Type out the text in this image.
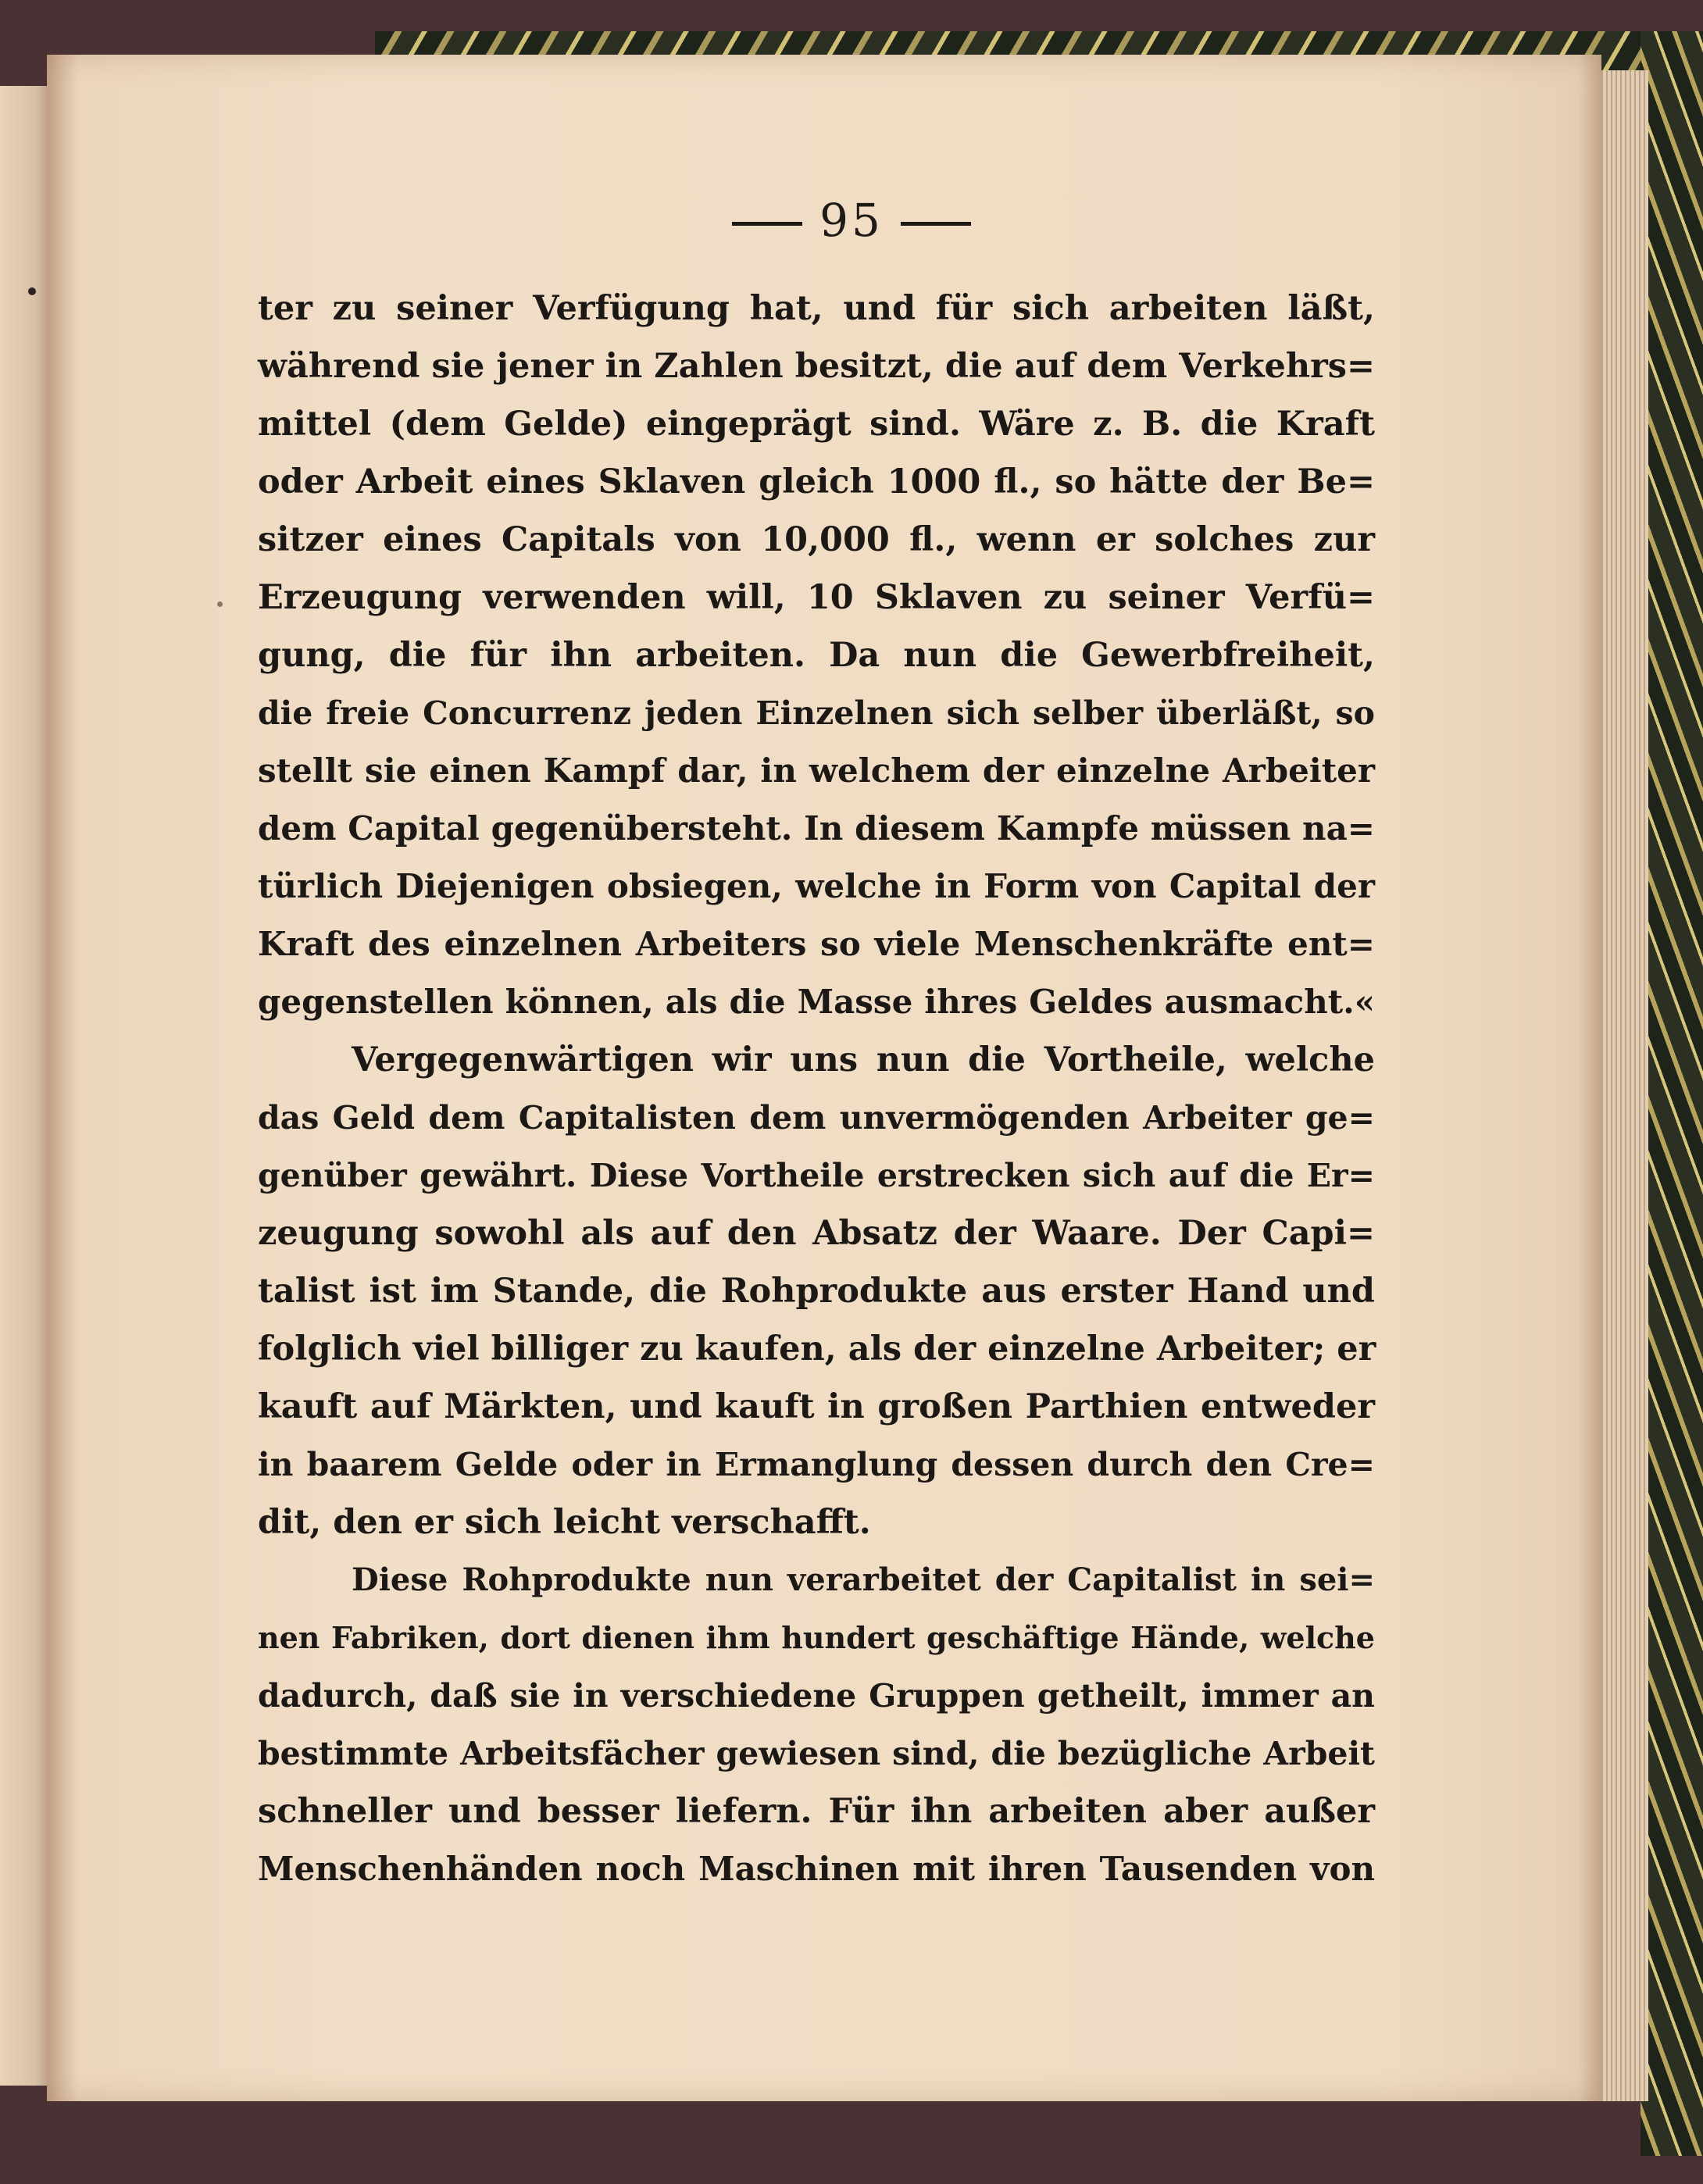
95
ter zu seiner Verfügung hat, und für sich arbeiten läßt,
während sie jener in Zahlen besitzt, die auf dem Verkehrs=
mittel (dem Gelde) eingeprägt sind. Wäre z. B. die Kraft
oder Arbeit eines Sklaven gleich 1000 fl., so hätte der Be=
sitzer eines Capitals von 10,000 fl., wenn er solches zur
Erzeugung verwenden will, 10 Sklaven zu seiner Verfü=
gung, die für ihn arbeiten. Da nun die Gewerbfreiheit,
die freie Concurrenz jeden Einzelnen sich selber überläßt, so
stellt sie einen Kampf dar, in welchem der einzelne Arbeiter
dem Capital gegenübersteht. In diesem Kampfe müssen na=
türlich Diejenigen obsiegen, welche in Form von Capital der
Kraft des einzelnen Arbeiters so viele Menschenkräfte ent=
gegenstellen können, als die Masse ihres Geldes ausmacht.«
Vergegenwärtigen wir uns nun die Vortheile, welche
das Geld dem Capitalisten dem unvermögenden Arbeiter ge=
genüber gewährt. Diese Vortheile erstrecken sich auf die Er=
zeugung sowohl als auf den Absatz der Waare. Der Capi=
talist ist im Stande, die Rohprodukte aus erster Hand und
folglich viel billiger zu kaufen, als der einzelne Arbeiter; er
kauft auf Märkten, und kauft in großen Parthien entweder
in baarem Gelde oder in Ermanglung dessen durch den Cre=
dit, den er sich leicht verschafft.
Diese Rohprodukte nun verarbeitet der Capitalist in sei=
nen Fabriken, dort dienen ihm hundert geschäftige Hände, welche
dadurch, daß sie in verschiedene Gruppen getheilt, immer an
bestimmte Arbeitsfächer gewiesen sind, die bezügliche Arbeit
schneller und besser liefern. Für ihn arbeiten aber außer
Menschenhänden noch Maschinen mit ihren Tausenden von
